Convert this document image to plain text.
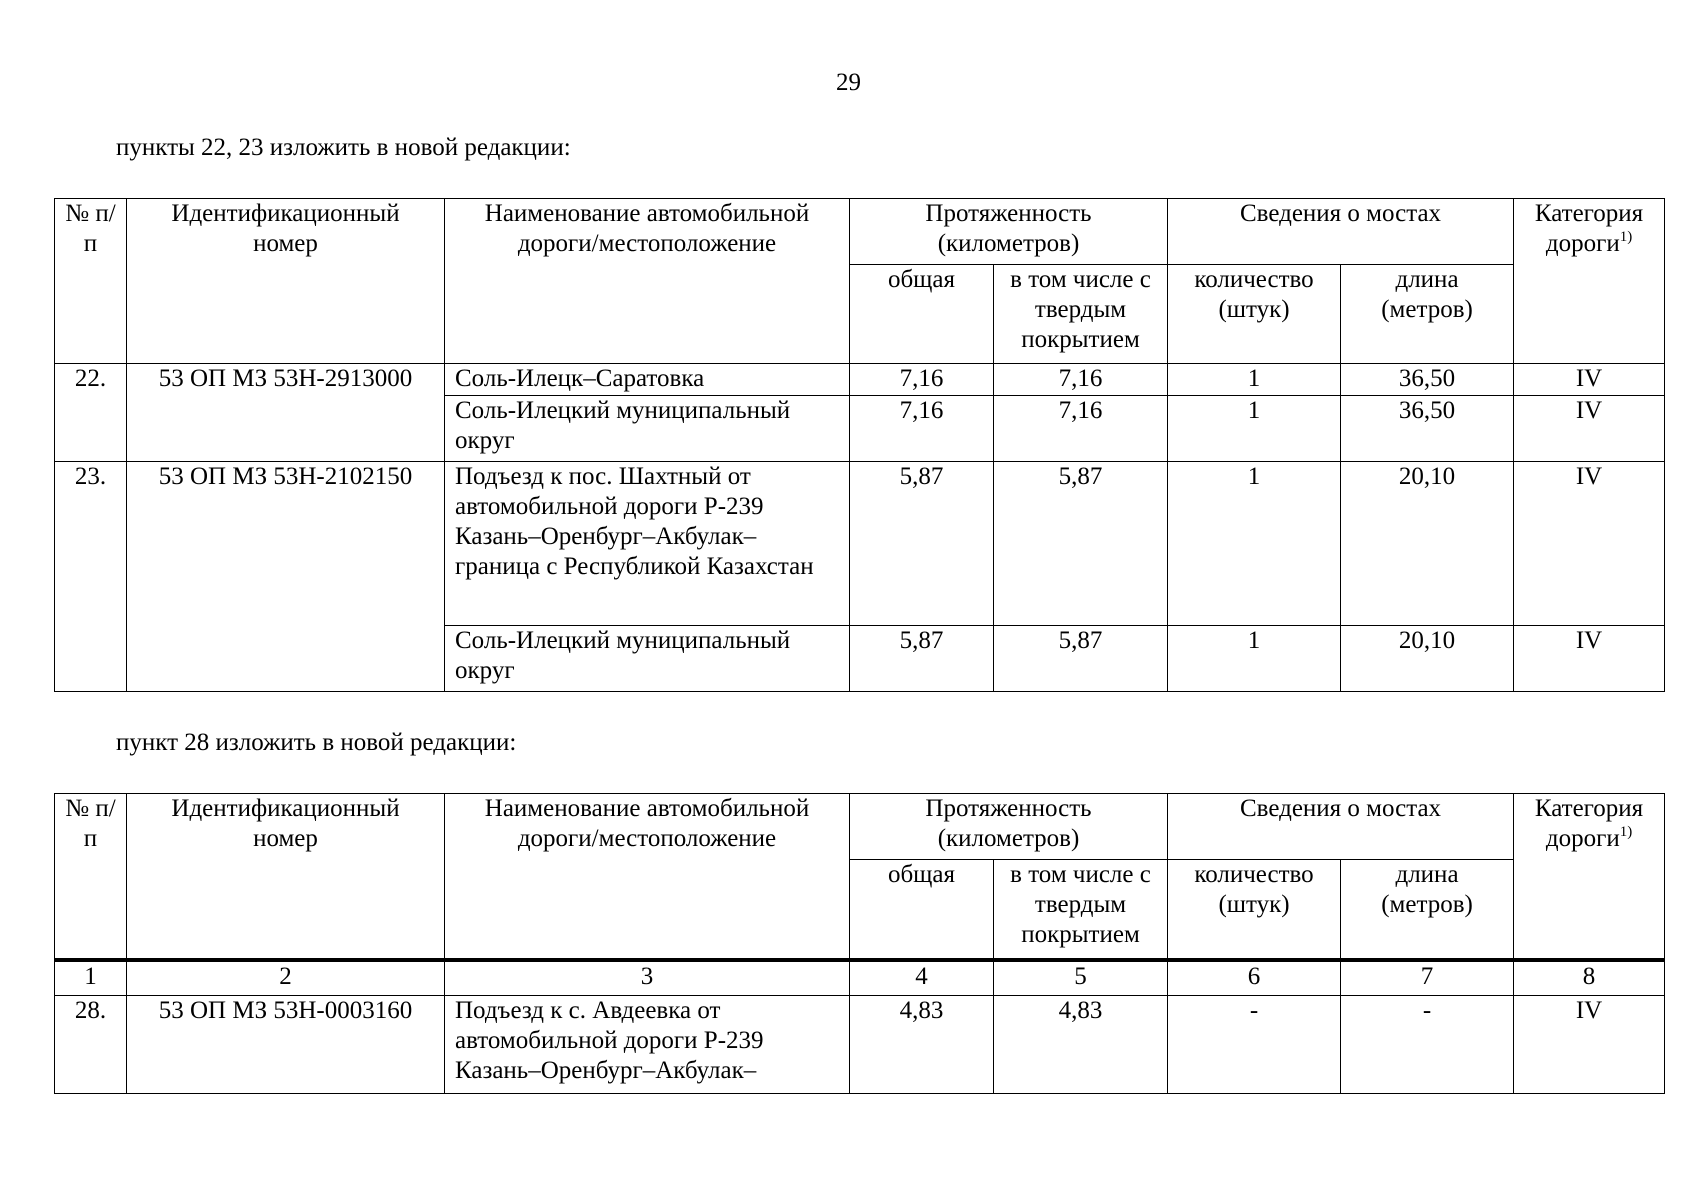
29
пункты 22, 23 изложить в новой редакции:
№ п/п	Идентификационный номер	Наименование автомобильной дороги/местоположение	Протяженность (километров)		Сведения о мостах		Категория дороги$^{1)}$
			общая	в том числе с твердым покрытием	количество (штук)	длина (метров)	
22.	53 ОП МЗ 53Н-2913000	Соль-Илецк–Саратовка	7,16	7,16	1	36,50	IV
		Соль-Илецкий муниципальный округ	7,16	7,16	1	36,50	IV
23.	53 ОП МЗ 53Н-2102150	Подъезд к пос. Шахтный от автомобильной дороги Р-239 Казань–Оренбург–Акбулак–граница с Республикой Казахстан	5,87	5,87	1	20,10	IV
		Соль-Илецкий муниципальный округ	5,87	5,87	1	20,10	IV
пункт 28 изложить в новой редакции:
№ п/п	Идентификационный номер	Наименование автомобильной дороги/местоположение	Протяженность (километров)		Сведения о мостах		Категория дороги$^{1)}$
			общая	в том числе с твердым покрытием	количество (штук)	длина (метров)	
1	2	3	4	5	6	7	8
28.	53 ОП МЗ 53Н-0003160	Подъезд к с. Авдеевка от автомобильной дороги Р-239 Казань–Оренбург–Акбулак–	4,83	4,83	-	-	IV
